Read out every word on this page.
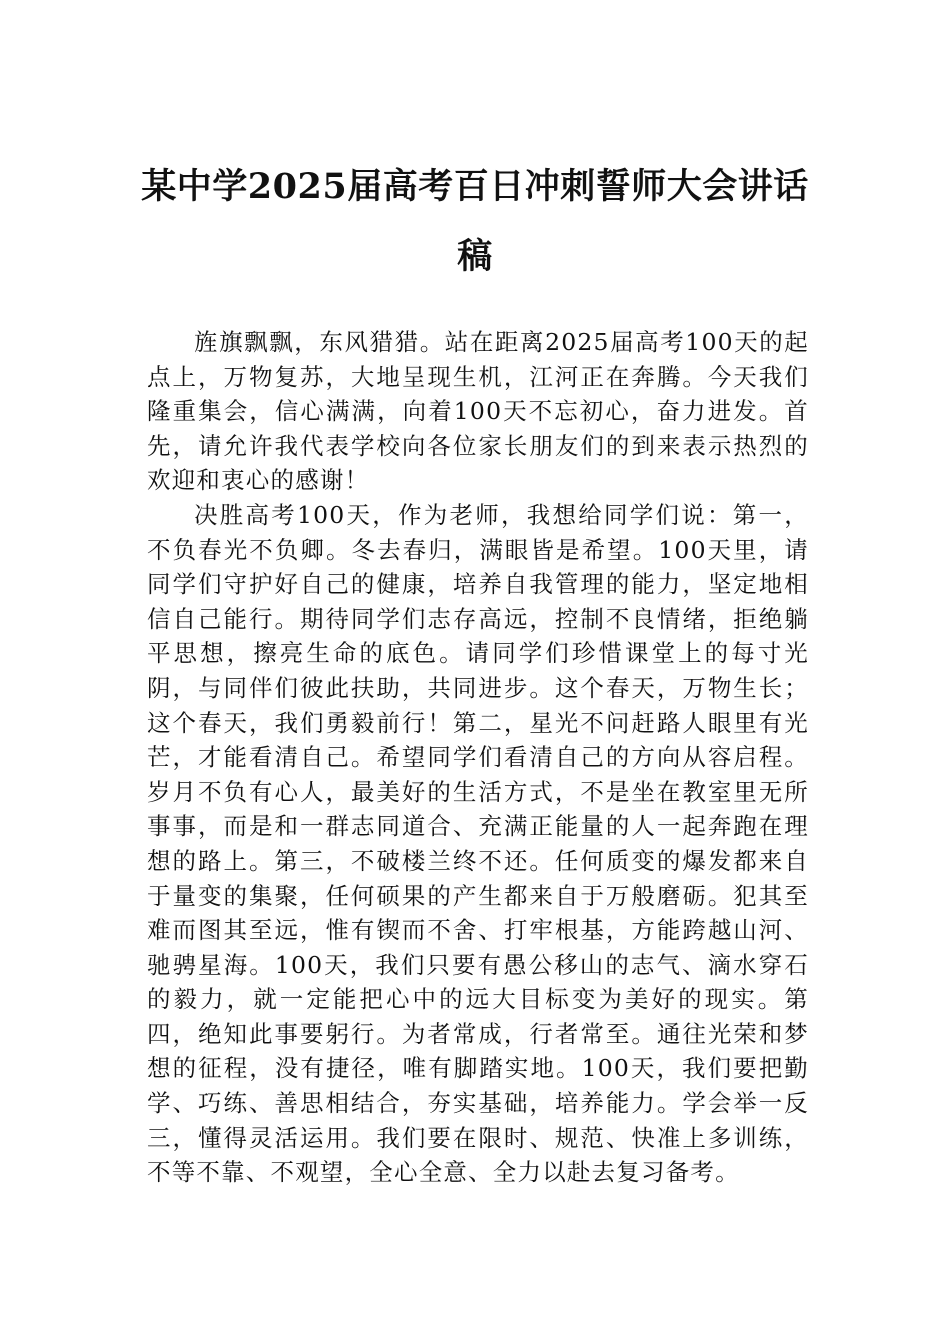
某中学2025届高考百日冲刺誓师大会讲话稿

旌旗飘飘，东风猎猎。站在距离2025届高考100天的起点上，万物复苏，大地呈现生机，江河正在奔腾。今天我们隆重集会，信心满满，向着100天不忘初心，奋力进发。首先，请允许我代表学校向各位家长朋友们的到来表示热烈的欢迎和衷心的感谢！

决胜高考100天，作为老师，我想给同学们说：第一，不负春光不负卿。冬去春归，满眼皆是希望。100天里，请同学们守护好自己的健康，培养自我管理的能力，坚定地相信自己能行。期待同学们志存高远，控制不良情绪，拒绝躺平思想，擦亮生命的底色。请同学们珍惜课堂上的每寸光阴，与同伴们彼此扶助，共同进步。这个春天，万物生长；这个春天，我们勇毅前行！第二，星光不问赶路人眼里有光芒，才能看清自己。希望同学们看清自己的方向从容启程。岁月不负有心人，最美好的生活方式，不是坐在教室里无所事事，而是和一群志同道合、充满正能量的人一起奔跑在理想的路上。第三，不破楼兰终不还。任何质变的爆发都来自于量变的集聚，任何硕果的产生都来自于万般磨砺。犯其至难而图其至远，惟有锲而不舍、打牢根基，方能跨越山河、驰骋星海。100天，我们只要有愚公移山的志气、滴水穿石的毅力，就一定能把心中的远大目标变为美好的现实。第四，绝知此事要躬行。为者常成，行者常至。通往光荣和梦想的征程，没有捷径，唯有脚踏实地。100天，我们要把勤学、巧练、善思相结合，夯实基础，培养能力。学会举一反三，懂得灵活运用。我们要在限时、规范、快准上多训练，不等不靠、不观望，全心全意、全力以赴去复习备考。
